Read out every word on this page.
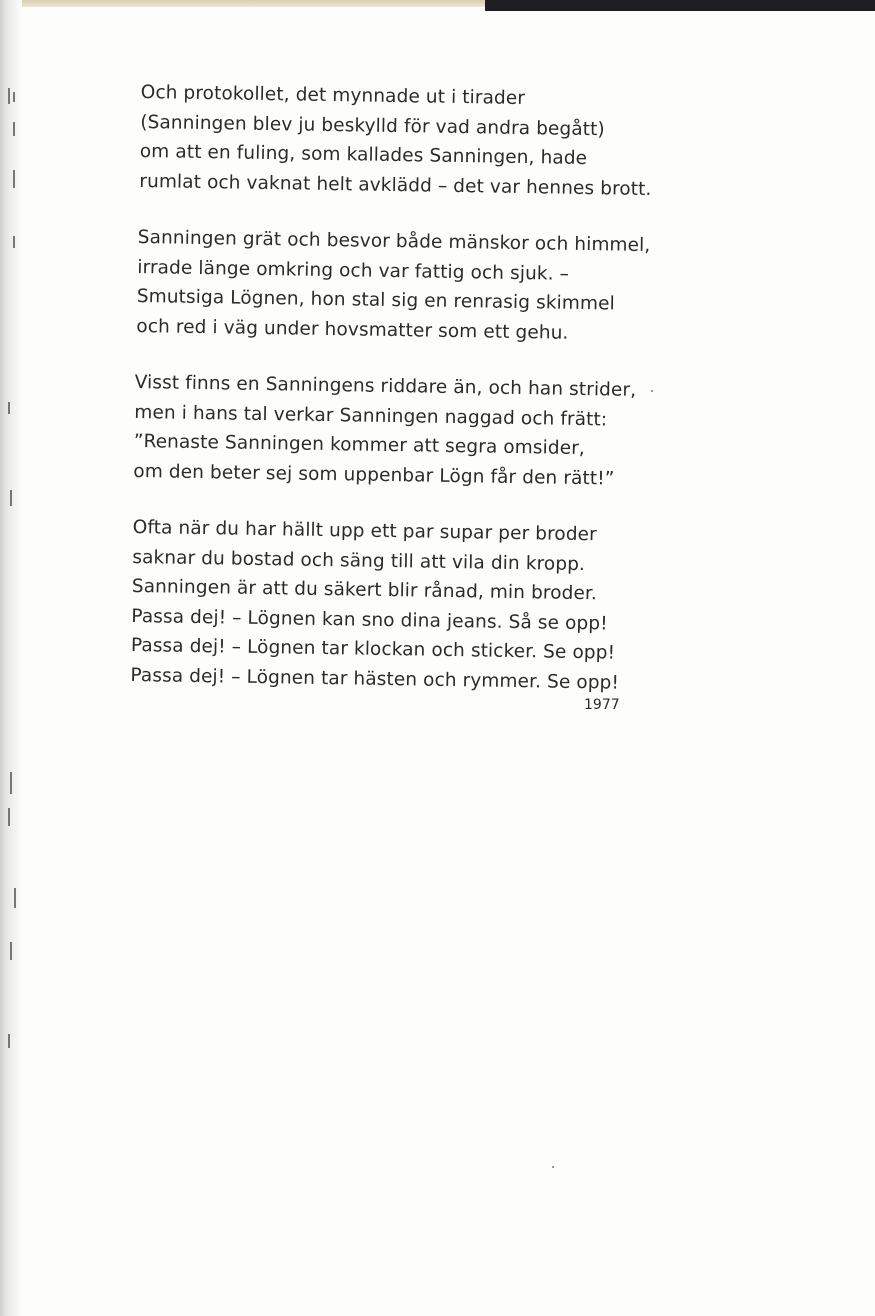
Och protokollet, det mynnade ut i tirader
(Sanningen blev ju beskylld för vad andra begått)
om att en fuling, som kallades Sanningen, hade
rumlat och vaknat helt avklädd – det var hennes brott.
Sanningen grät och besvor både mänskor och himmel,
irrade länge omkring och var fattig och sjuk. –
Smutsiga Lögnen, hon stal sig en renrasig skimmel
och red i väg under hovsmatter som ett gehu.
Visst finns en Sanningens riddare än, och han strider,
men i hans tal verkar Sanningen naggad och frätt:
”Renaste Sanningen kommer att segra omsider,
om den beter sej som uppenbar Lögn får den rätt!”
Ofta när du har hällt upp ett par supar per broder
saknar du bostad och säng till att vila din kropp.
Sanningen är att du säkert blir rånad, min broder.
Passa dej! – Lögnen kan sno dina jeans. Så se opp!
Passa dej! – Lögnen tar klockan och sticker. Se opp!
Passa dej! – Lögnen tar hästen och rymmer. Se opp!
1977
